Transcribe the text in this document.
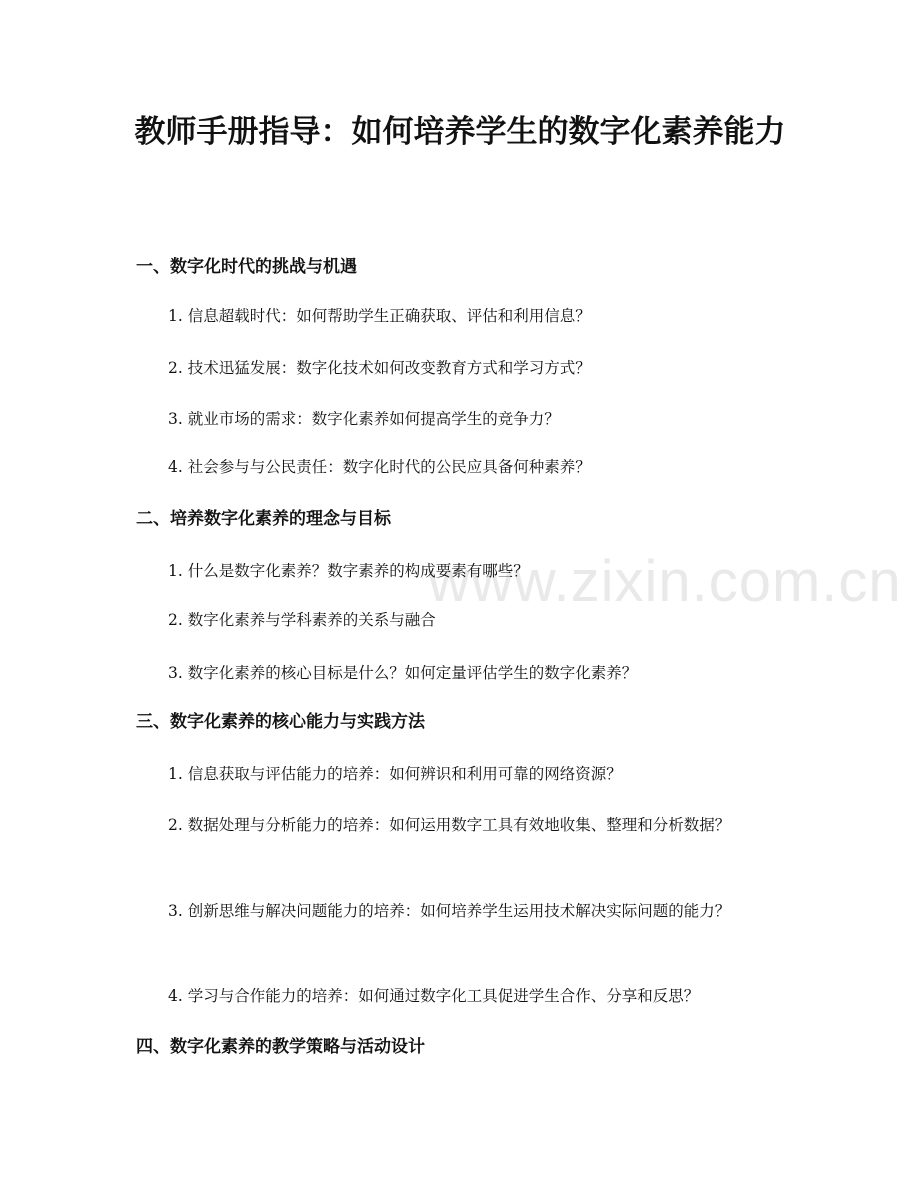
www.zixin.com.cn
教师手册指导：如何培养学生的数字化素养能力
一、数字化时代的挑战与机遇
1. 信息超载时代：如何帮助学生正确获取、评估和利用信息？
2. 技术迅猛发展：数字化技术如何改变教育方式和学习方式？
3. 就业市场的需求：数字化素养如何提高学生的竞争力？
4. 社会参与与公民责任：数字化时代的公民应具备何种素养？
二、培养数字化素养的理念与目标
1. 什么是数字化素养？数字素养的构成要素有哪些？
2. 数字化素养与学科素养的关系与融合
3. 数字化素养的核心目标是什么？如何定量评估学生的数字化素养？
三、数字化素养的核心能力与实践方法
1. 信息获取与评估能力的培养：如何辨识和利用可靠的网络资源？
2. 数据处理与分析能力的培养：如何运用数字工具有效地收集、整理和分析数据？
3. 创新思维与解决问题能力的培养：如何培养学生运用技术解决实际问题的能力？
4. 学习与合作能力的培养：如何通过数字化工具促进学生合作、分享和反思？
四、数字化素养的教学策略与活动设计
